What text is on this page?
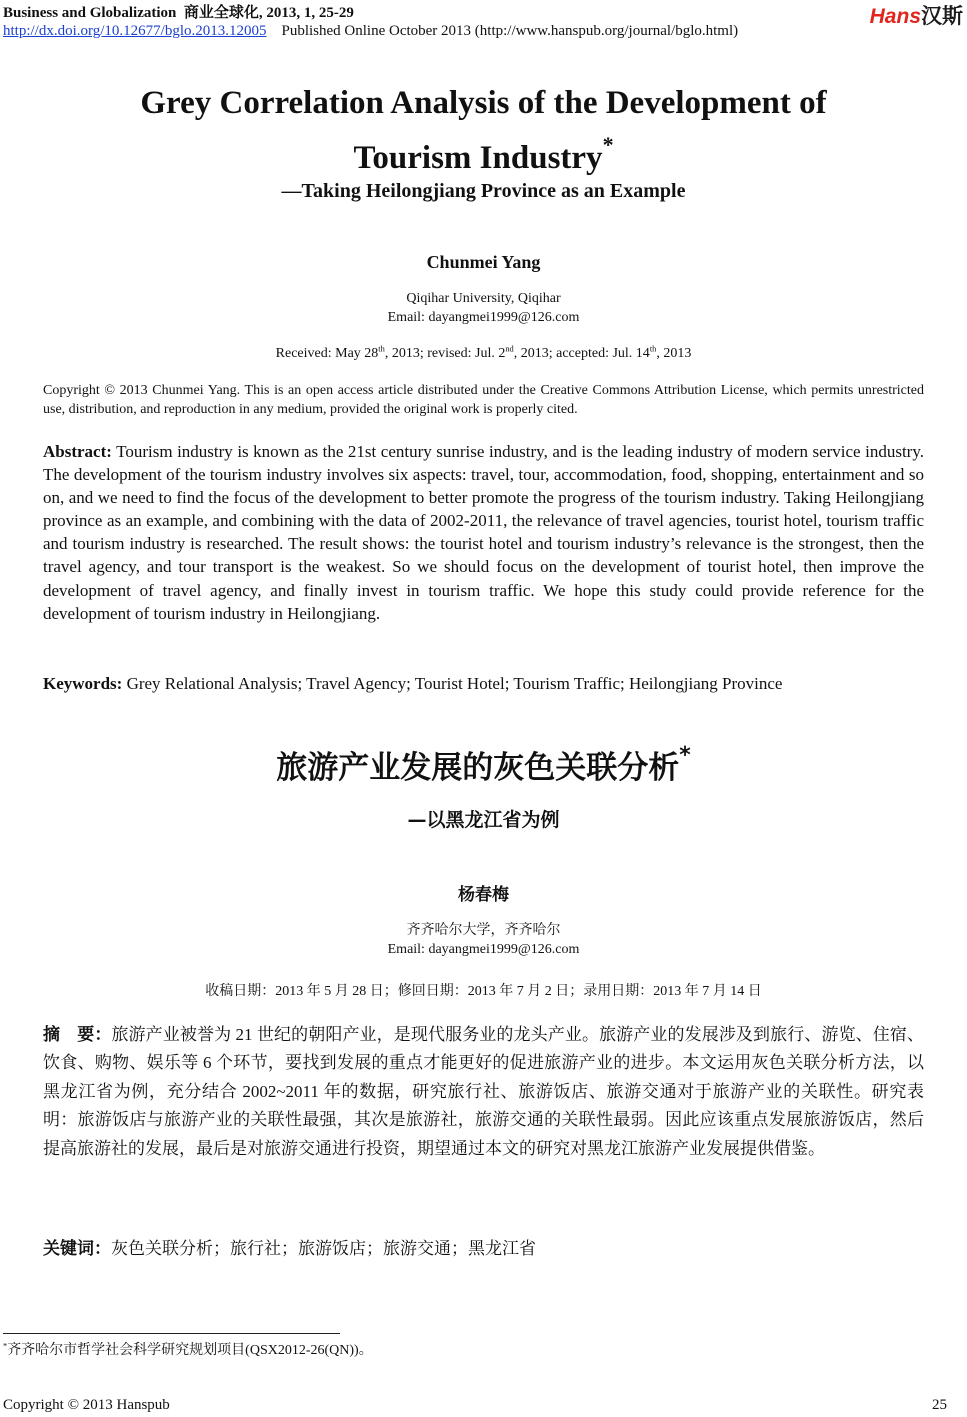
Business and Globalization 商业全球化, 2013, 1, 25-29
http://dx.doi.org/10.12677/bglo.2013.12005 Published Online October 2013 (http://www.hanspub.org/journal/bglo.html)
Hans汉斯
Grey Correlation Analysis of the Development of
Tourism Industry*
—Taking Heilongjiang Province as an Example
Chunmei Yang
Qiqihar University, Qiqihar
Email: dayangmei1999@126.com
Received: May 28th, 2013; revised: Jul. 2nd, 2013; accepted: Jul. 14th, 2013
Copyright © 2013 Chunmei Yang. This is an open access article distributed under the Creative Commons Attribution License, which permits unrestricted use, distribution, and reproduction in any medium, provided the original work is properly cited.
Abstract: Tourism industry is known as the 21st century sunrise industry, and is the leading industry of modern service industry. The development of the tourism industry involves six aspects: travel, tour, accommodation, food, shopping, entertainment and so on, and we need to find the focus of the development to better promote the progress of the tourism industry. Taking Heilongjiang province as an example, and combining with the data of 2002-2011, the relevance of travel agencies, tourist hotel, tourism traffic and tourism industry is researched. The result shows: the tourist hotel and tourism industry’s relevance is the strongest, then the travel agency, and tour transport is the weakest. So we should focus on the development of tourist hotel, then improve the development of travel agency, and finally invest in tourism traffic. We hope this study could provide reference for the development of tourism industry in Heilongjiang.
Keywords: Grey Relational Analysis; Travel Agency; Tourist Hotel; Tourism Traffic; Heilongjiang Province
旅游产业发展的灰色关联分析*
—以黑龙江省为例
杨春梅
齐齐哈尔大学，齐齐哈尔
Email: dayangmei1999@126.com
收稿日期：2013 年 5 月 28 日；修回日期：2013 年 7 月 2 日；录用日期：2013 年 7 月 14 日
摘　要：旅游产业被誉为 21 世纪的朝阳产业，是现代服务业的龙头产业。旅游产业的发展涉及到旅行、游览、住宿、饮食、购物、娱乐等 6 个环节，要找到发展的重点才能更好的促进旅游产业的进步。本文运用灰色关联分析方法，以黑龙江省为例，充分结合 2002~2011 年的数据，研究旅行社、旅游饭店、旅游交通对于旅游产业的关联性。研究表明：旅游饭店与旅游产业的关联性最强，其次是旅游社，旅游交通的关联性最弱。因此应该重点发展旅游饭店，然后提高旅游社的发展，最后是对旅游交通进行投资，期望通过本文的研究对黑龙江旅游产业发展提供借鉴。
关键词：灰色关联分析；旅行社；旅游饭店；旅游交通；黑龙江省
*齐齐哈尔市哲学社会科学研究规划项目(QSX2012-26(QN))。
Copyright © 2013 Hanspub	25
